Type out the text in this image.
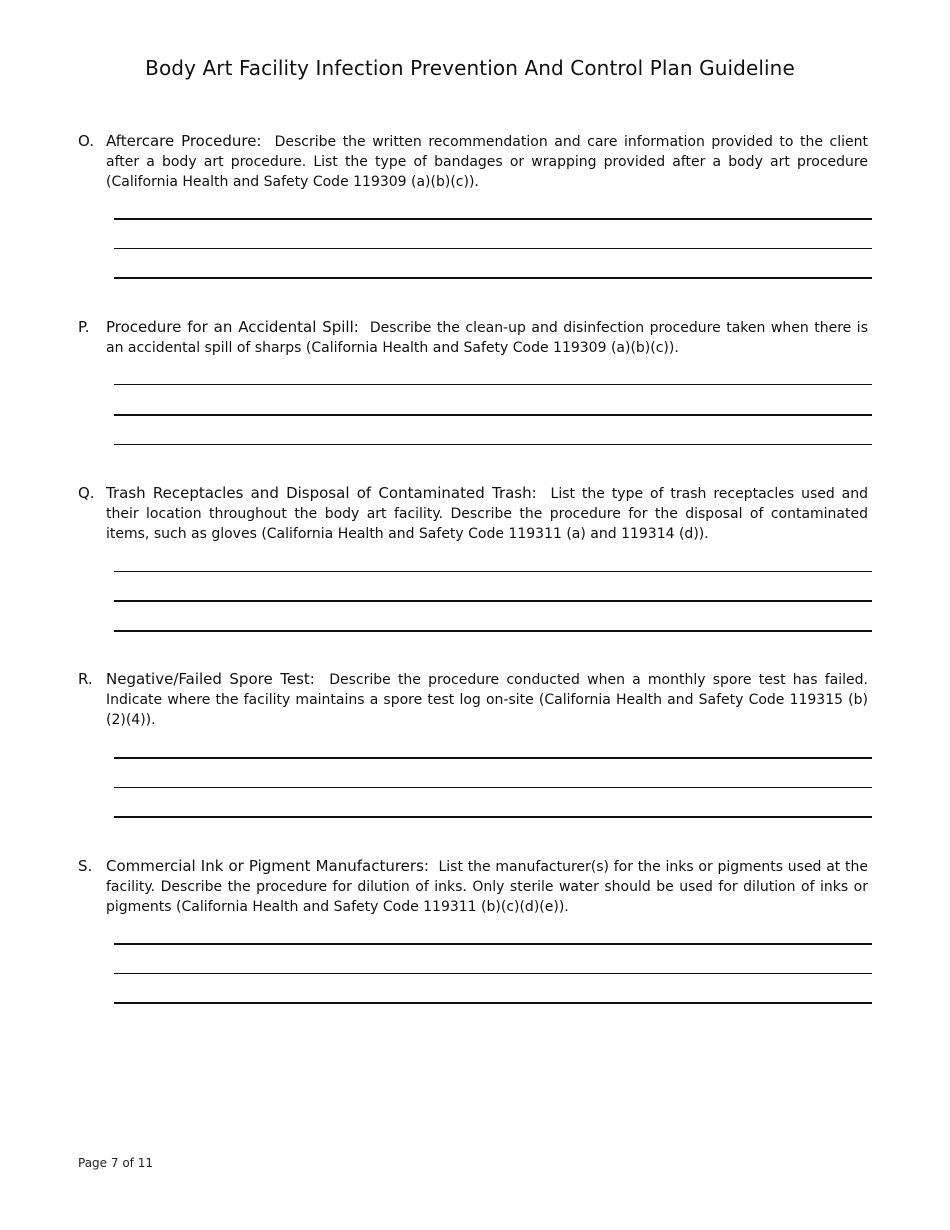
Body Art Facility Infection Prevention And Control Plan Guideline
O. Aftercare Procedure: Describe the written recommendation and care information provided to the client after a body art procedure. List the type of bandages or wrapping provided after a body art procedure (California Health and Safety Code 119309 (a)(b)(c)).

P. Procedure for an Accidental Spill: Describe the clean-up and disinfection procedure taken when there is an accidental spill of sharps (California Health and Safety Code 119309 (a)(b)(c)).

Q. Trash Receptacles and Disposal of Contaminated Trash: List the type of trash receptacles used and their location throughout the body art facility. Describe the procedure for the disposal of contaminated items, such as gloves (California Health and Safety Code 119311 (a) and 119314 (d)).

R. Negative/Failed Spore Test: Describe the procedure conducted when a monthly spore test has failed. Indicate where the facility maintains a spore test log on-site (California Health and Safety Code 119315 (b)(2)(4)).

S. Commercial Ink or Pigment Manufacturers: List the manufacturer(s) for the inks or pigments used at the facility. Describe the procedure for dilution of inks. Only sterile water should be used for dilution of inks or pigments (California Health and Safety Code 119311 (b)(c)(d)(e)).

Page 7 of 11
